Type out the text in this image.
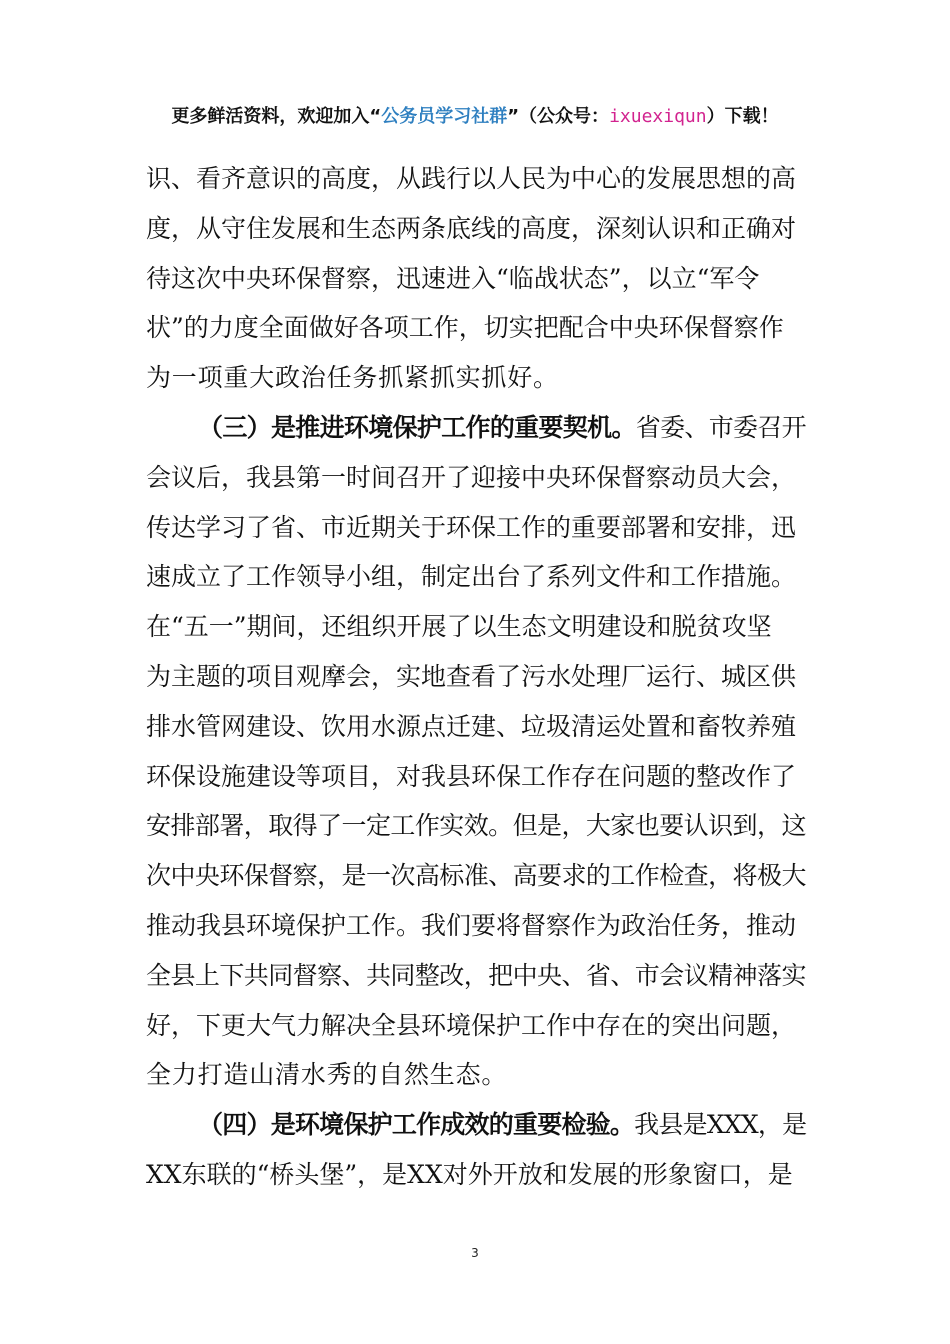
更多鲜活资料，欢迎加入“公务员学习社群”（公众号：ixuexiqun）下载！
识、看齐意识的高度，从践行以人民为中心的发展思想的高
度，从守住发展和生态两条底线的高度，深刻认识和正确对
待这次中央环保督察，迅速进入“临战状态”，以立“军令
状”的力度全面做好各项工作，切实把配合中央环保督察作
为一项重大政治任务抓紧抓实抓好。
（三）是推进环境保护工作的重要契机。省委、市委召开
会议后，我县第一时间召开了迎接中央环保督察动员大会，
传达学习了省、市近期关于环保工作的重要部署和安排，迅
速成立了工作领导小组，制定出台了系列文件和工作措施。
在“五一”期间，还组织开展了以生态文明建设和脱贫攻坚
为主题的项目观摩会，实地查看了污水处理厂运行、城区供
排水管网建设、饮用水源点迁建、垃圾清运处置和畜牧养殖
环保设施建设等项目，对我县环保工作存在问题的整改作了
安排部署，取得了一定工作实效。但是，大家也要认识到，这
次中央环保督察，是一次高标准、高要求的工作检查，将极大
推动我县环境保护工作。我们要将督察作为政治任务，推动
全县上下共同督察、共同整改，把中央、省、市会议精神落实
好，下更大气力解决全县环境保护工作中存在的突出问题，
全力打造山清水秀的自然生态。
（四）是环境保护工作成效的重要检验。我县是XXX，是
XX东联的“桥头堡”，是XX对外开放和发展的形象窗口，是
3
